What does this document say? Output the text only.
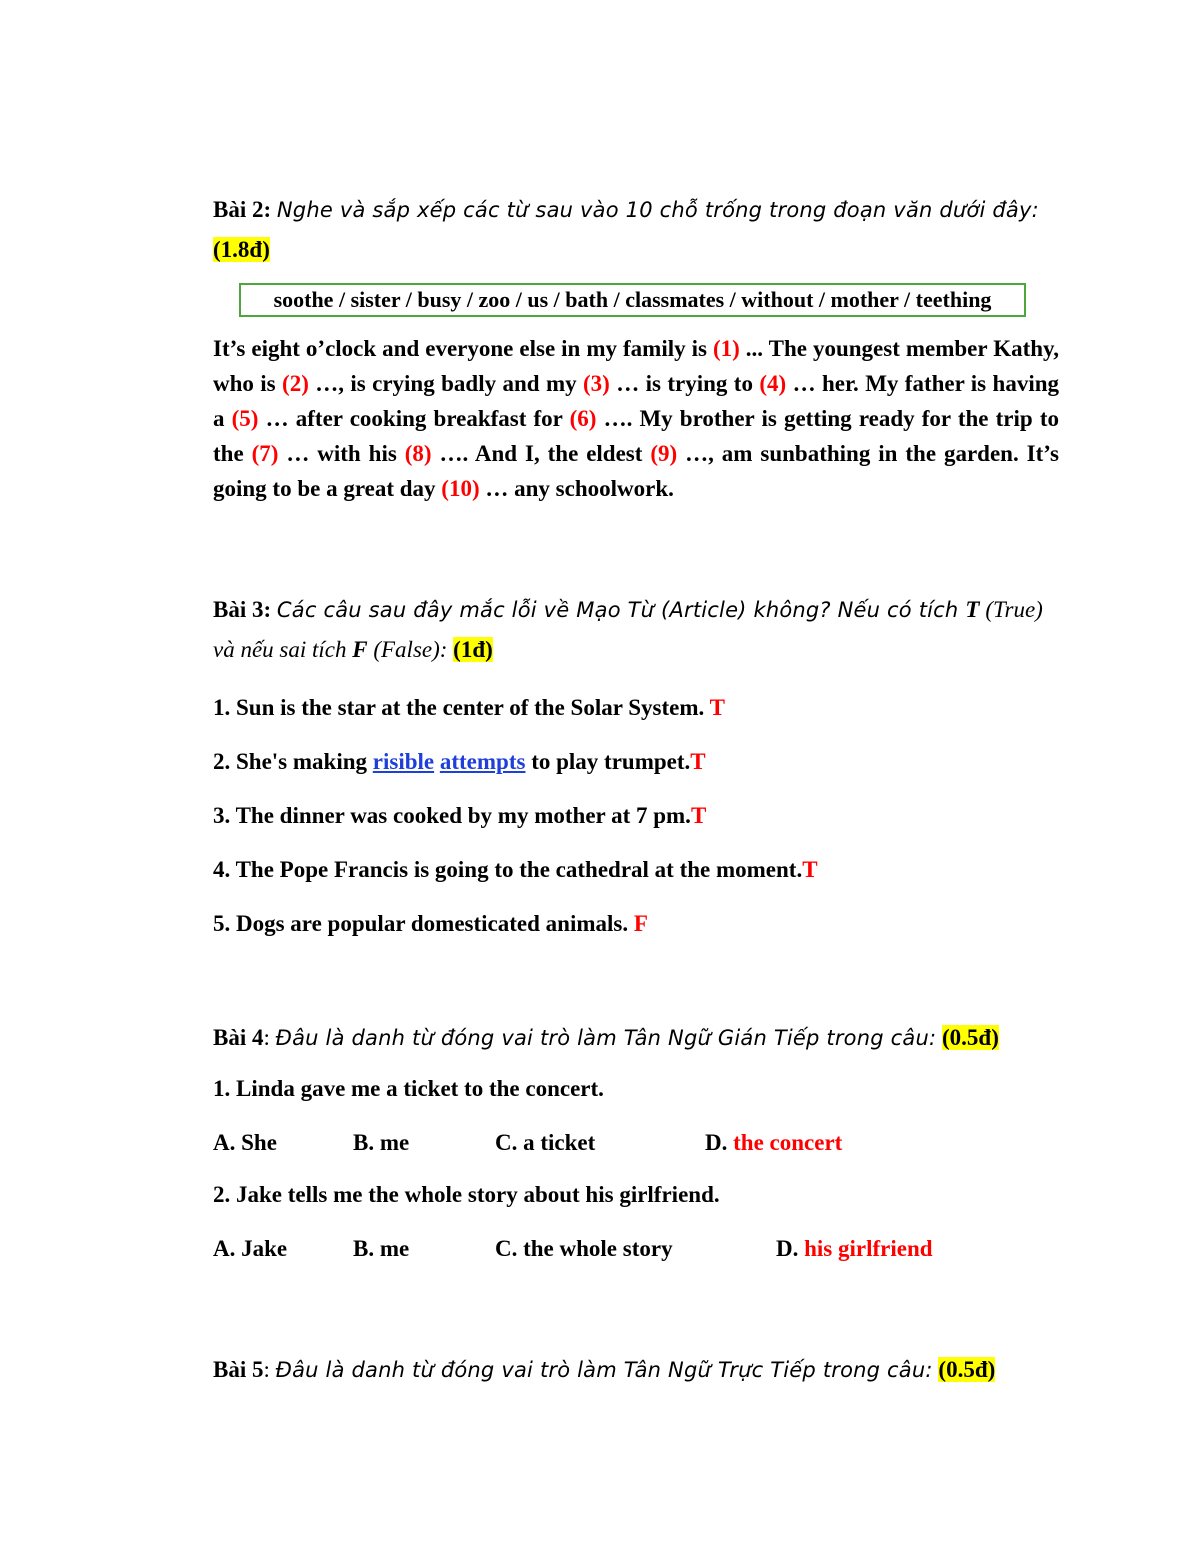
Bài 2: Nghe và sắp xếp các từ sau vào 10 chỗ trống trong đoạn văn dưới đây: (1.8đ)

soothe / sister / busy / zoo / us / bath / classmates / without / mother / teething

It’s eight o’clock and everyone else in my family is (1) ... The youngest member Kathy, who is (2) …, is crying badly and my (3) … is trying to (4) … her. My father is having a (5) … after cooking breakfast for (6) …. My brother is getting ready for the trip to the (7) … with his (8) …. And I, the eldest (9) …, am sunbathing in the garden. It’s going to be a great day (10) … any schoolwork.

Bài 3: Các câu sau đây mắc lỗi về Mạo Từ (Article) không? Nếu có tích T (True) và nếu sai tích F (False): (1đ)

1. Sun is the star at the center of the Solar System. T

2. She's making risible attempts to play trumpet.T

3. The dinner was cooked by my mother at 7 pm.T

4. The Pope Francis is going to the cathedral at the moment.T

5. Dogs are popular domesticated animals. F

Bài 4: Đâu là danh từ đóng vai trò làm Tân Ngữ Gián Tiếp trong câu: (0.5đ)

1. Linda gave me a ticket to the concert.

A. She	B. me	C. a ticket	D. the concert

2. Jake tells me the whole story about his girlfriend.

A. Jake	B. me	C. the whole story	D. his girlfriend

Bài 5: Đâu là danh từ đóng vai trò làm Tân Ngữ Trực Tiếp trong câu: (0.5đ)
